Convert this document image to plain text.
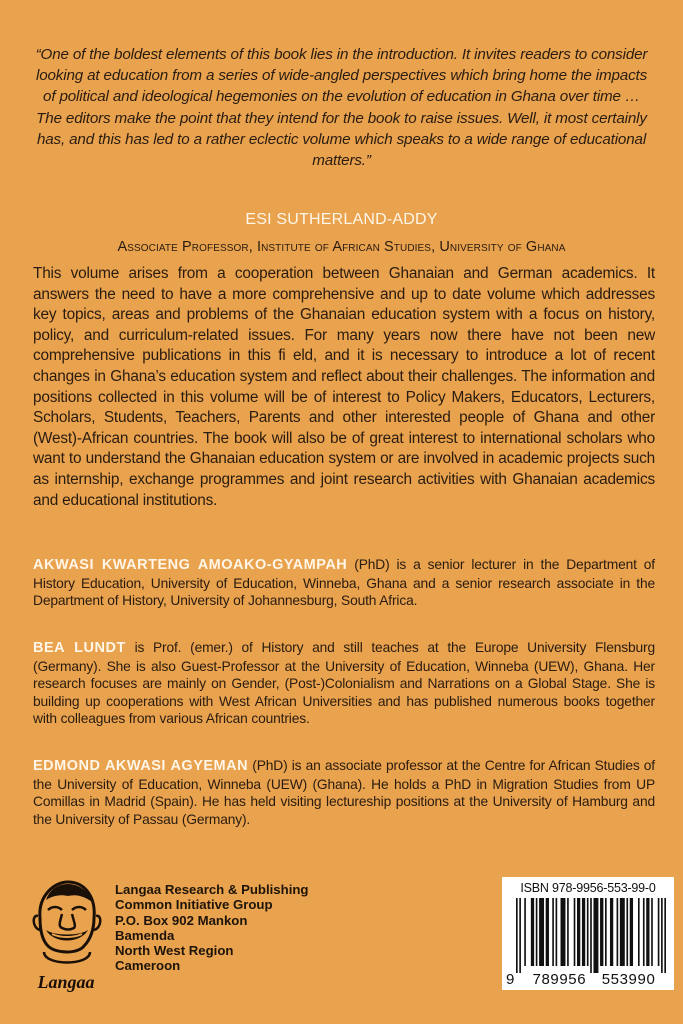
“One of the boldest elements of this book lies in the introduction. It invites readers to consider looking at education from a series of wide-angled perspectives which bring home the impacts of political and ideological hegemonies on the evolution of education in Ghana over time … The editors make the point that they intend for the book to raise issues. Well, it most certainly has, and this has led to a rather eclectic volume which speaks to a wide range of educational matters.”
ESI SUTHERLAND-ADDY
Associate Professor, Institute of African Studies, University of Ghana
This volume arises from a cooperation between Ghanaian and German academics. It answers the need to have a more comprehensive and up to date volume which addresses key topics, areas and problems of the Ghanaian education system with a focus on history, policy, and curriculum-related issues. For many years now there have not been new comprehensive publications in this fi eld, and it is necessary to introduce a lot of recent changes in Ghana’s education system and reflect about their challenges. The information and positions collected in this volume will be of interest to Policy Makers, Educators, Lecturers, Scholars, Students, Teachers, Parents and other interested people of Ghana and other (West)-African countries. The book will also be of great interest to international scholars who want to understand the Ghanaian education system or are involved in academic projects such as internship, exchange programmes and joint research activities with Ghanaian academics and educational institutions.
AKWASI KWARTENG AMOAKO-GYAMPAH (PhD) is a senior lecturer in the Department of History Education, University of Education, Winneba, Ghana and a senior research associate in the Department of History, University of Johannesburg, South Africa.
BEA LUNDT is Prof. (emer.) of History and still teaches at the Europe University Flensburg (Germany). She is also Guest-Professor at the University of Education, Winneba (UEW), Ghana. Her research focuses are mainly on Gender, (Post-)Colonialism and Narrations on a Global Stage. She is building up cooperations with West African Universities and has published numerous books together with colleagues from various African countries.
EDMOND AKWASI AGYEMAN (PhD) is an associate professor at the Centre for African Studies of the University of Education, Winneba (UEW) (Ghana). He holds a PhD in Migration Studies from UP Comillas in Madrid (Spain). He has held visiting lectureship positions at the University of Hamburg and the University of Passau (Germany).
Langaa
Langaa Research & Publishing
Common Initiative Group
P.O. Box 902 Mankon
Bamenda
North West Region
Cameroon
ISBN 978-9956-553-99-0
9 789956 553990
